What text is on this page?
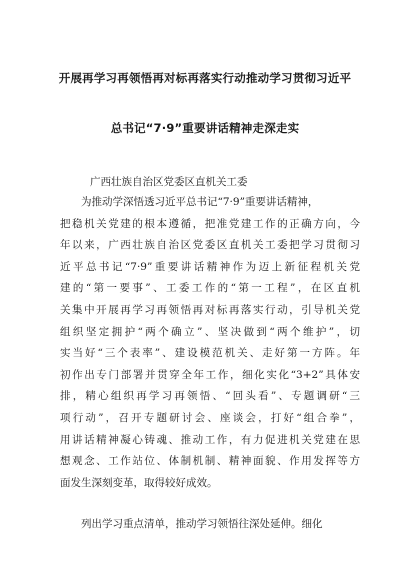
开展再学习再领悟再对标再落实行动推动学习贯彻习近平
总书记“7·9”重要讲话精神走深走实
广西壮族自治区党委区直机关工委
为推动学深悟透习近平总书记“7·9”重要讲话精神，
把稳机关党建的根本遵循，把准党建工作的正确方向，今
年以来，广西壮族自治区党委区直机关工委把学习贯彻习
近平总书记“7·9”重要讲话精神作为迈上新征程机关党
建的“第一要事”、工委工作的“第一工程”，在区直机
关集中开展再学习再领悟再对标再落实行动，引导机关党
组织坚定拥护“两个确立”、坚决做到“两个维护”，切
实当好“三个表率”、建设模范机关、走好第一方阵。年
初作出专门部署并贯穿全年工作，细化实化“3+2”具体安
排，精心组织再学习再领悟、“回头看”、专题调研“三
项行动”，召开专题研讨会、座谈会，打好“组合拳”，
用讲话精神凝心铸魂、推动工作，有力促进机关党建在思
想观念、工作站位、体制机制、精神面貌、作用发挥等方
面发生深刻变革，取得较好成效。
列出学习重点清单，推动学习领悟往深处延伸。细化
